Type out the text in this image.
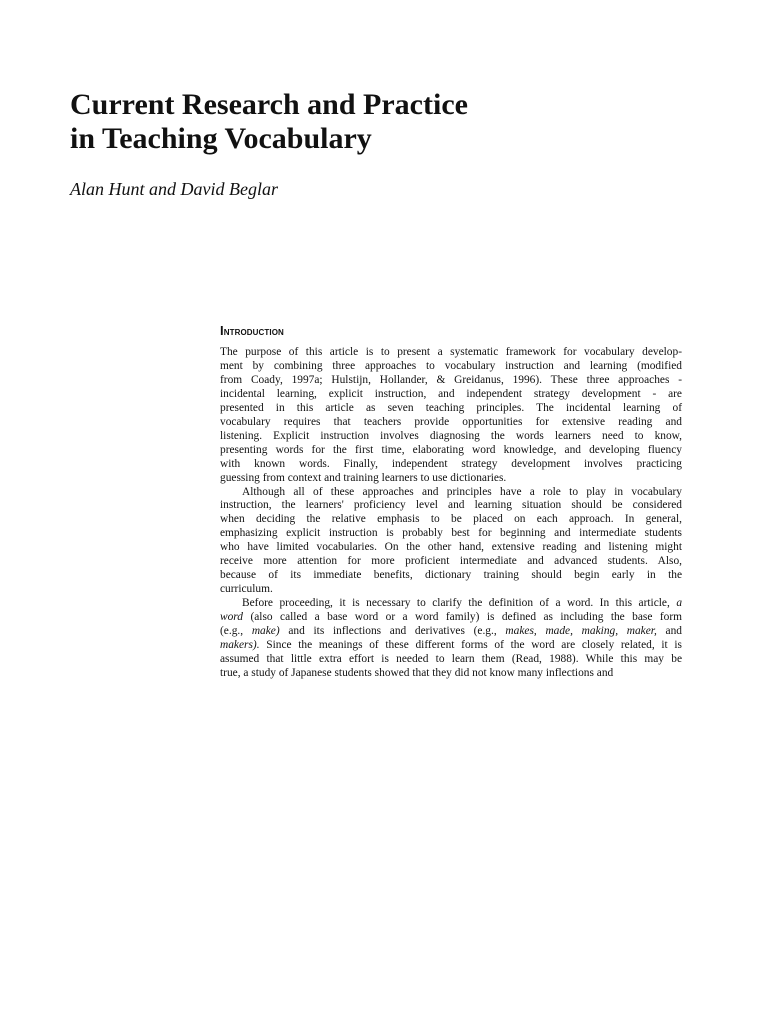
Current Research and Practice
in Teaching Vocabulary

Alan Hunt and David Beglar

Introduction

The purpose of this article is to present a systematic framework for vocabulary develop-
ment by combining three approaches to vocabulary instruction and learning (modified
from Coady, 1997a; Hulstijn, Hollander, & Greidanus, 1996). These three approaches -
incidental learning, explicit instruction, and independent strategy development - are
presented in this article as seven teaching principles. The incidental learning of
vocabulary requires that teachers provide opportunities for extensive reading and
listening. Explicit instruction involves diagnosing the words learners need to know,
presenting words for the first time, elaborating word knowledge, and developing fluency
with known words. Finally, independent strategy development involves practicing
guessing from context and training learners to use dictionaries.

Although all of these approaches and principles have a role to play in vocabulary
instruction, the learners' proficiency level and learning situation should be considered
when deciding the relative emphasis to be placed on each approach. In general,
emphasizing explicit instruction is probably best for beginning and intermediate students
who have limited vocabularies. On the other hand, extensive reading and listening might
receive more attention for more proficient intermediate and advanced students. Also,
because of its immediate benefits, dictionary training should begin early in the
curriculum.

Before proceeding, it is necessary to clarify the definition of a word. In this article, a
word (also called a base word or a word family) is defined as including the base form
(e.g., make) and its inflections and derivatives (e.g., makes, made, making, maker, and
makers). Since the meanings of these different forms of the word are closely related, it is
assumed that little extra effort is needed to learn them (Read, 1988). While this may be
true, a study of Japanese students showed that they did not know many inflections and
